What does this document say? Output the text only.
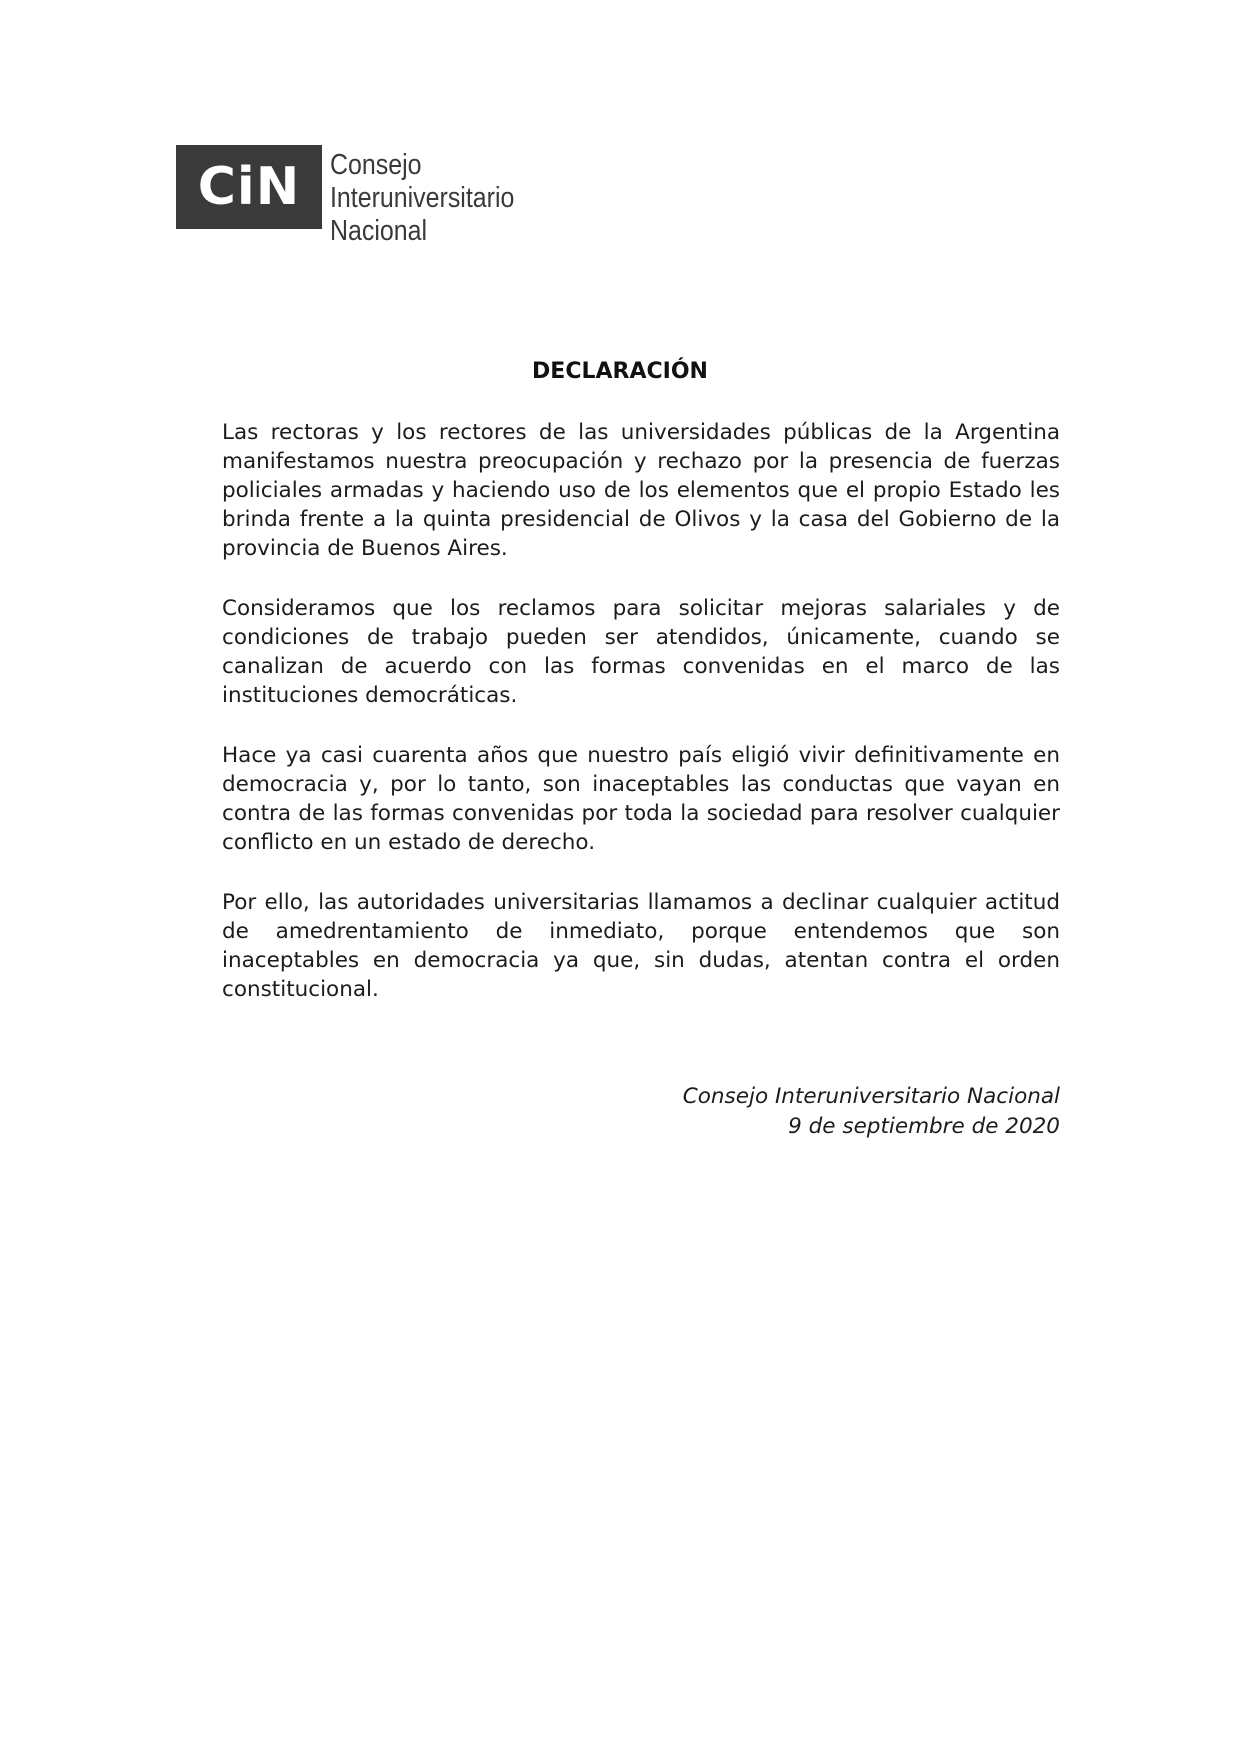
CiN	Consejo
Interuniversitario
Nacional
DECLARACIÓN

Las rectoras y los rectores de las universidades públicas de la Argentina manifestamos nuestra preocupación y rechazo por la presencia de fuerzas policiales armadas y haciendo uso de los elementos que el propio Estado les brinda frente a la quinta presidencial de Olivos y la casa del Gobierno de la provincia de Buenos Aires.

Consideramos que los reclamos para solicitar mejoras salariales y de condiciones de trabajo pueden ser atendidos, únicamente, cuando se canalizan de acuerdo con las formas convenidas en el marco de las instituciones democráticas.

Hace ya casi cuarenta años que nuestro país eligió vivir definitivamente en democracia y, por lo tanto, son inaceptables las conductas que vayan en contra de las formas convenidas por toda la sociedad para resolver cualquier conflicto en un estado de derecho.

Por ello, las autoridades universitarias llamamos a declinar cualquier actitud de amedrentamiento de inmediato, porque entendemos que son inaceptables en democracia ya que, sin dudas, atentan contra el orden constitucional.

Consejo Interuniversitario Nacional
9 de septiembre de 2020
